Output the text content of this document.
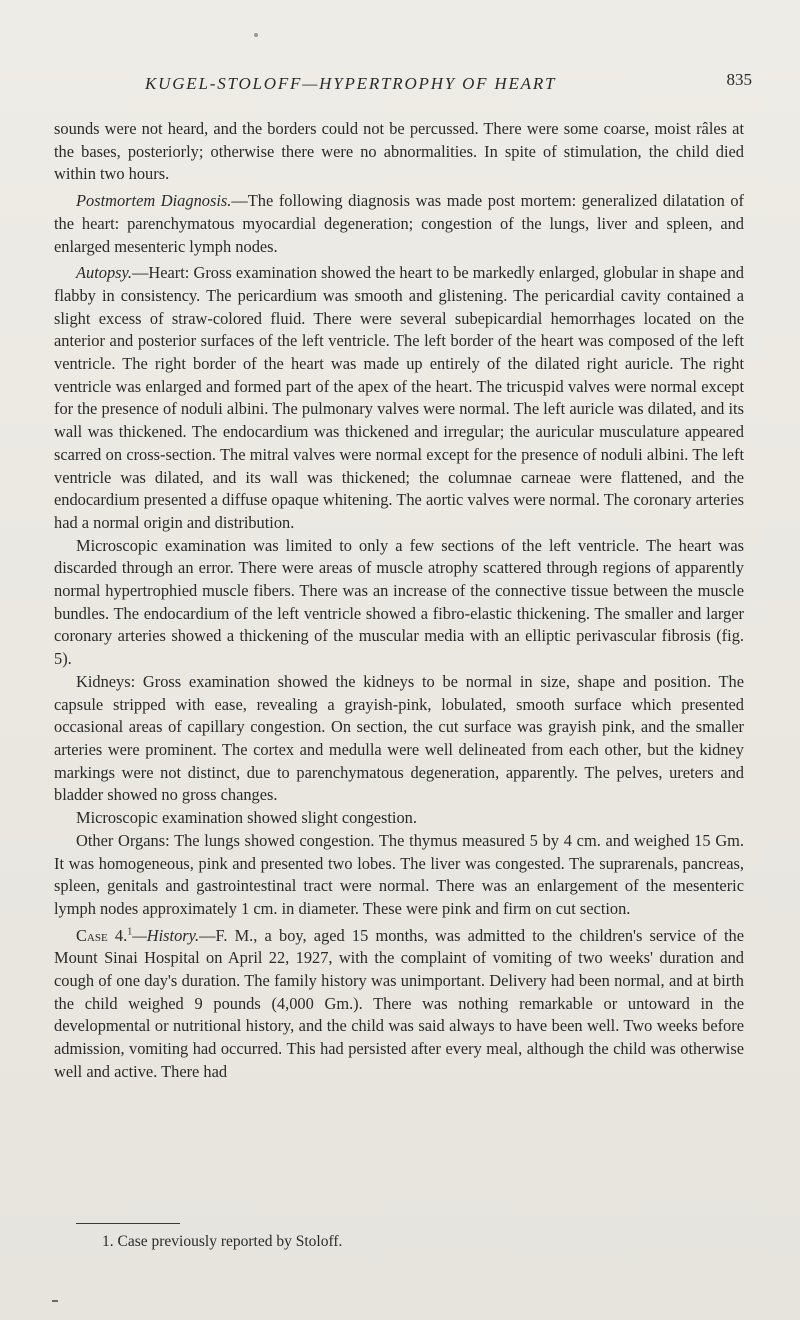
KUGEL-STOLOFF—HYPERTROPHY OF HEART	835

sounds were not heard, and the borders could not be percussed. There were some coarse, moist râles at the bases, posteriorly; otherwise there were no abnormalities. In spite of stimulation, the child died within two hours.

Postmortem Diagnosis.—The following diagnosis was made post mortem: generalized dilatation of the heart: parenchymatous myocardial degeneration; congestion of the lungs, liver and spleen, and enlarged mesenteric lymph nodes.

Autopsy.—Heart: Gross examination showed the heart to be markedly enlarged, globular in shape and flabby in consistency. The pericardium was smooth and glistening. The pericardial cavity contained a slight excess of straw-colored fluid. There were several subepicardial hemorrhages located on the anterior and posterior surfaces of the left ventricle. The left border of the heart was composed of the left ventricle. The right border of the heart was made up entirely of the dilated right auricle. The right ventricle was enlarged and formed part of the apex of the heart. The tricuspid valves were normal except for the presence of noduli albini. The pulmonary valves were normal. The left auricle was dilated, and its wall was thickened. The endocardium was thickened and irregular; the auricular musculature appeared scarred on cross-section. The mitral valves were normal except for the presence of noduli albini. The left ventricle was dilated, and its wall was thickened; the columnae carneae were flattened, and the endocardium presented a diffuse opaque whitening. The aortic valves were normal. The coronary arteries had a normal origin and distribution.

Microscopic examination was limited to only a few sections of the left ventricle. The heart was discarded through an error. There were areas of muscle atrophy scattered through regions of apparently normal hypertrophied muscle fibers. There was an increase of the connective tissue between the muscle bundles. The endocardium of the left ventricle showed a fibro-elastic thickening. The smaller and larger coronary arteries showed a thickening of the muscular media with an elliptic perivascular fibrosis (fig. 5).

Kidneys: Gross examination showed the kidneys to be normal in size, shape and position. The capsule stripped with ease, revealing a grayish-pink, lobulated, smooth surface which presented occasional areas of capillary congestion. On section, the cut surface was grayish pink, and the smaller arteries were prominent. The cortex and medulla were well delineated from each other, but the kidney markings were not distinct, due to parenchymatous degeneration, apparently. The pelves, ureters and bladder showed no gross changes.

Microscopic examination showed slight congestion.

Other Organs: The lungs showed congestion. The thymus measured 5 by 4 cm. and weighed 15 Gm. It was homogeneous, pink and presented two lobes. The liver was congested. The suprarenals, pancreas, spleen, genitals and gastrointestinal tract were normal. There was an enlargement of the mesenteric lymph nodes approximately 1 cm. in diameter. These were pink and firm on cut section.

Case 4.$^1$—History.—F. M., a boy, aged 15 months, was admitted to the children's service of the Mount Sinai Hospital on April 22, 1927, with the complaint of vomiting of two weeks' duration and cough of one day's duration. The family history was unimportant. Delivery had been normal, and at birth the child weighed 9 pounds (4,000 Gm.). There was nothing remarkable or untoward in the developmental or nutritional history, and the child was said always to have been well. Two weeks before admission, vomiting had occurred. This had persisted after every meal, although the child was otherwise well and active. There had

1. Case previously reported by Stoloff.
